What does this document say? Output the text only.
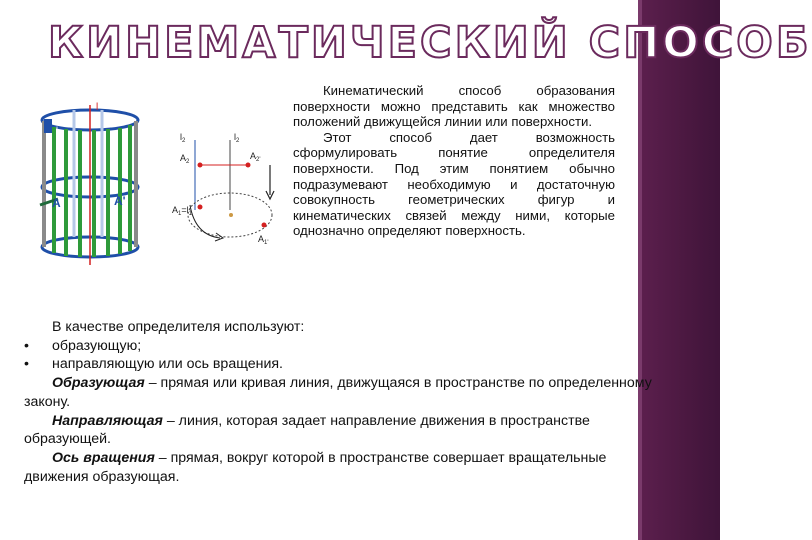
КИНЕМАТИЧЕСКИЙ СПОСОБ
A	A'
l
l
$l_2$	$l_2$
$A_2$
$A_{2'}$
$A_1=l_1$
$A_{1'}$

Кинематический способ образования поверхности можно представить как множество положений движущейся линии или поверхности.

Этот способ дает возможность сформулировать понятие определителя поверхности. Под этим понятием обычно подразумевают необходимую и достаточную совокупность геометрических фигур и кинематических связей между ними, которые однозначно определяют поверхность.

В качестве определителя используют:

• образующую;

• направляющую или ось вращения.

Образующая – прямая или кривая линия, движущаяся в пространстве по определенному закону.

Направляющая – линия, которая задает направление движения в пространстве образующей.

Ось вращения – прямая, вокруг которой в пространстве совершает вращательные движения образующая.
